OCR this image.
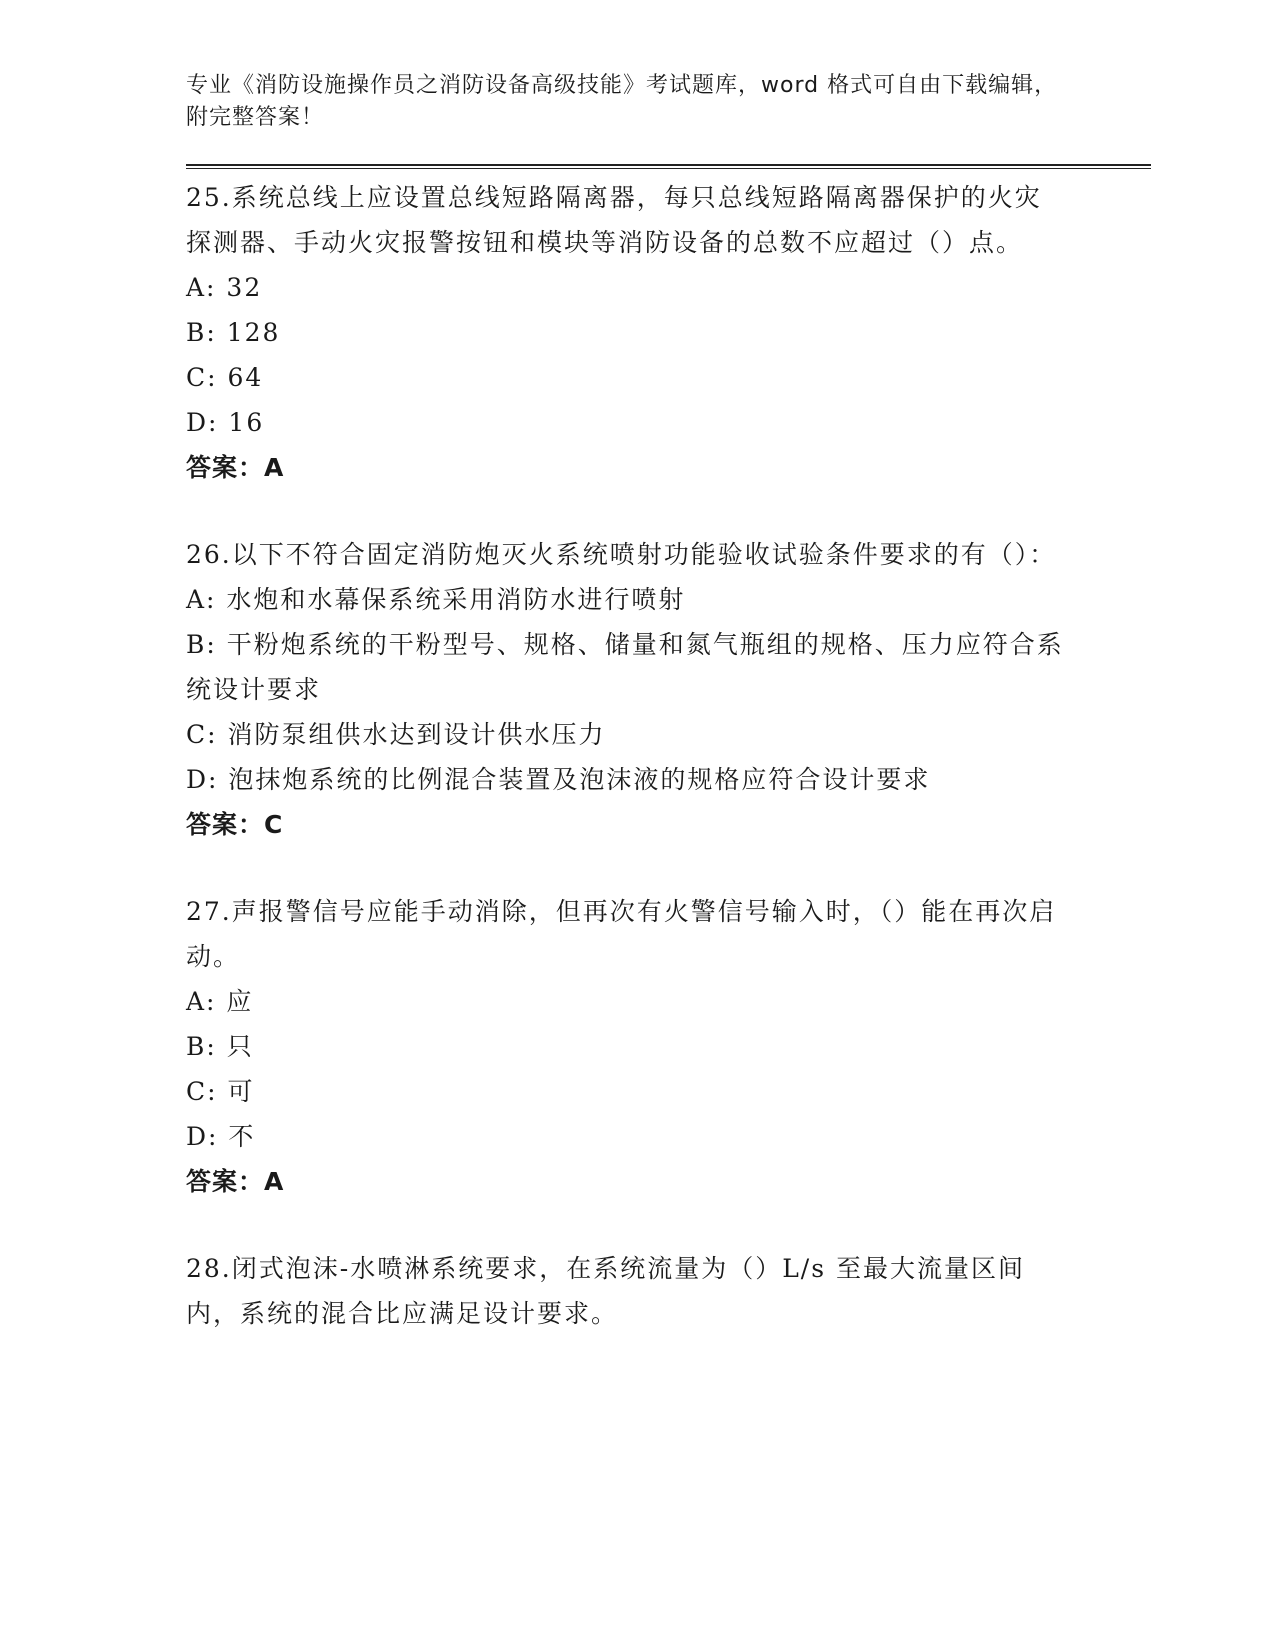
专业《消防设施操作员之消防设备高级技能》考试题库，word 格式可自由下载编辑，附完整答案！

25.系统总线上应设置总线短路隔离器，每只总线短路隔离器保护的火灾探测器、手动火灾报警按钮和模块等消防设备的总数不应超过（）点。

A: 32

B: 128

C: 64

D: 16

答案：A

26.以下不符合固定消防炮灭火系统喷射功能验收试验条件要求的有（）：

A: 水炮和水幕保系统采用消防水进行喷射

B: 干粉炮系统的干粉型号、规格、储量和氮气瓶组的规格、压力应符合系统设计要求

C: 消防泵组供水达到设计供水压力

D: 泡抹炮系统的比例混合装置及泡沫液的规格应符合设计要求

答案：C

27.声报警信号应能手动消除，但再次有火警信号输入时，（）能在再次启动。

A: 应

B: 只

C: 可

D: 不

答案：A

28.闭式泡沫-水喷淋系统要求，在系统流量为（）L/s 至最大流量区间内，系统的混合比应满足设计要求。
